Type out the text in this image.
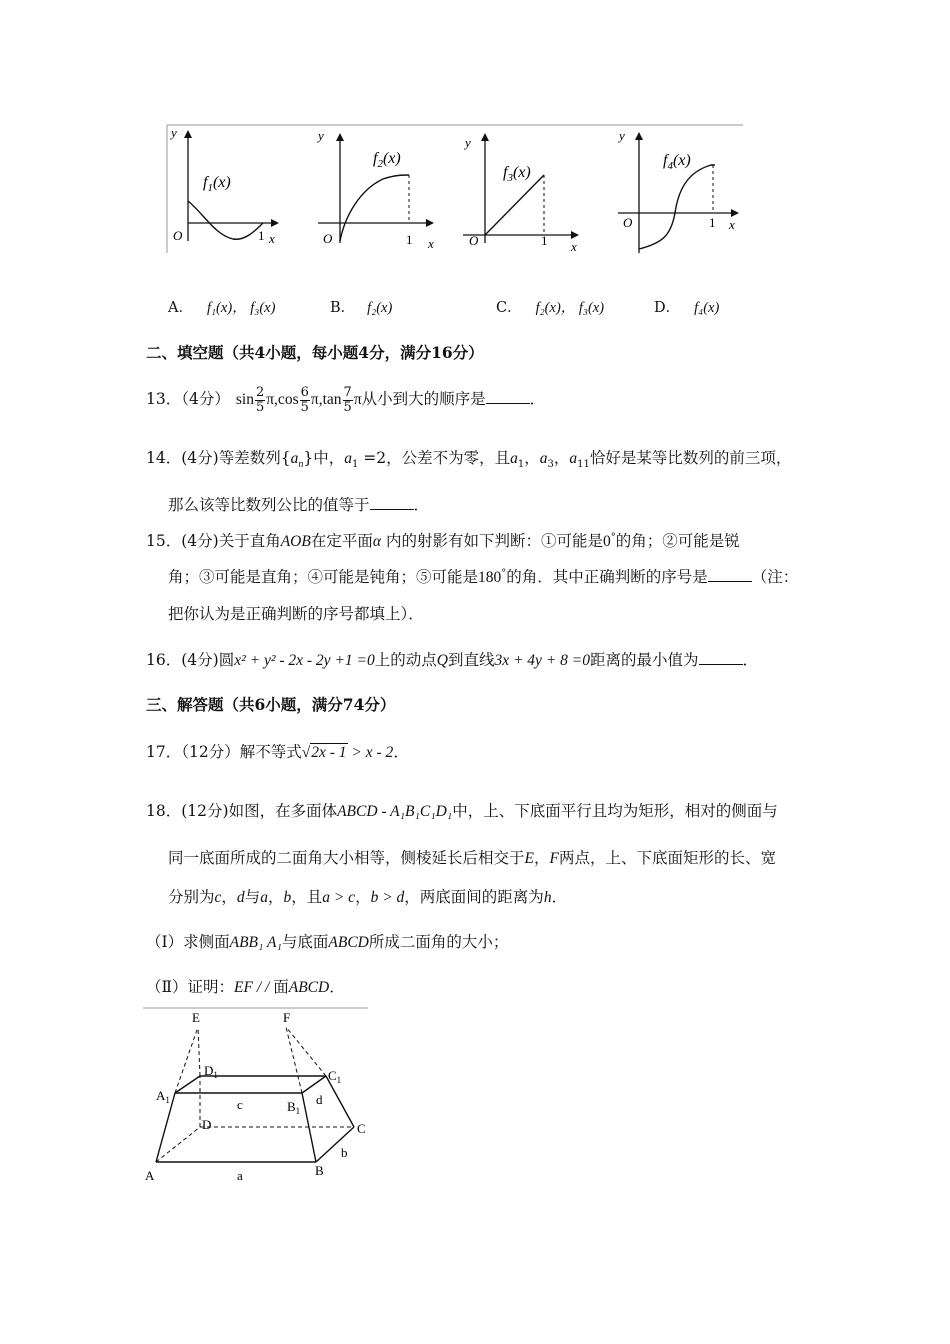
y
x
O	1
$f_1(x)$
y
x
O	1
$f_2(x)$
y
x
O	1
$f_3(x)$
y
x
O	1
$f_4(x)$
A． f₁(x)， f₃(x)	B． f₂(x)	C． f₂(x)， f₃(x)	D． f₄(x)
二、填空题（共4小题，每小题4分，满分16分）
13．（4分） $\sin \frac{2}{5} \pi,\cos \frac{6}{5} \pi,\tan \frac{7}{5}$ π从小到大的顺序是	．
14．(4分)等差数列$\{a_n\}$中，$a_1 =2$，公差不为零，且$a_1$，$a_3$，$a_{11}$恰好是某等比数列的前三项，
那么该等比数列公比的值等于	．
15．(4分)关于直角AOB在定平面α 内的射影有如下判断：①可能是0°的角；②可能是锐
角；③可能是直角；④可能是钝角；⑤可能是180°的角．其中正确判断的序号是	（注：
把你认为是正确判断的序号都填上）．
16．(4分)圆x² + y² - 2x - 2y +1 =0上的动点Q到直线3x + 4y + 8 =0距离的最小值为	．
三、解答题（共6小题，满分74分）
17．（12分）解不等式√2x - 1 > x - 2．
18．(12分)如图，在多面体ABCD - A₁B₁C₁D₁中，上、下底面平行且均为矩形，相对的侧面与
同一底面所成的二面角大小相等，侧棱延长后相交于E，F两点，上、下底面矩形的长、宽
分别为c，d与a，b，且a > c，b > d，两底面间的距离为h．
（Ⅰ）求侧面ABB₁ A₁与底面ABCD所成二面角的大小；
（Ⅱ）证明：EF / / 面ABCD．
E	F
$D_1$	$C_1$
$A_1$	$B_1$
c	d
D	C
A	B
a
b
